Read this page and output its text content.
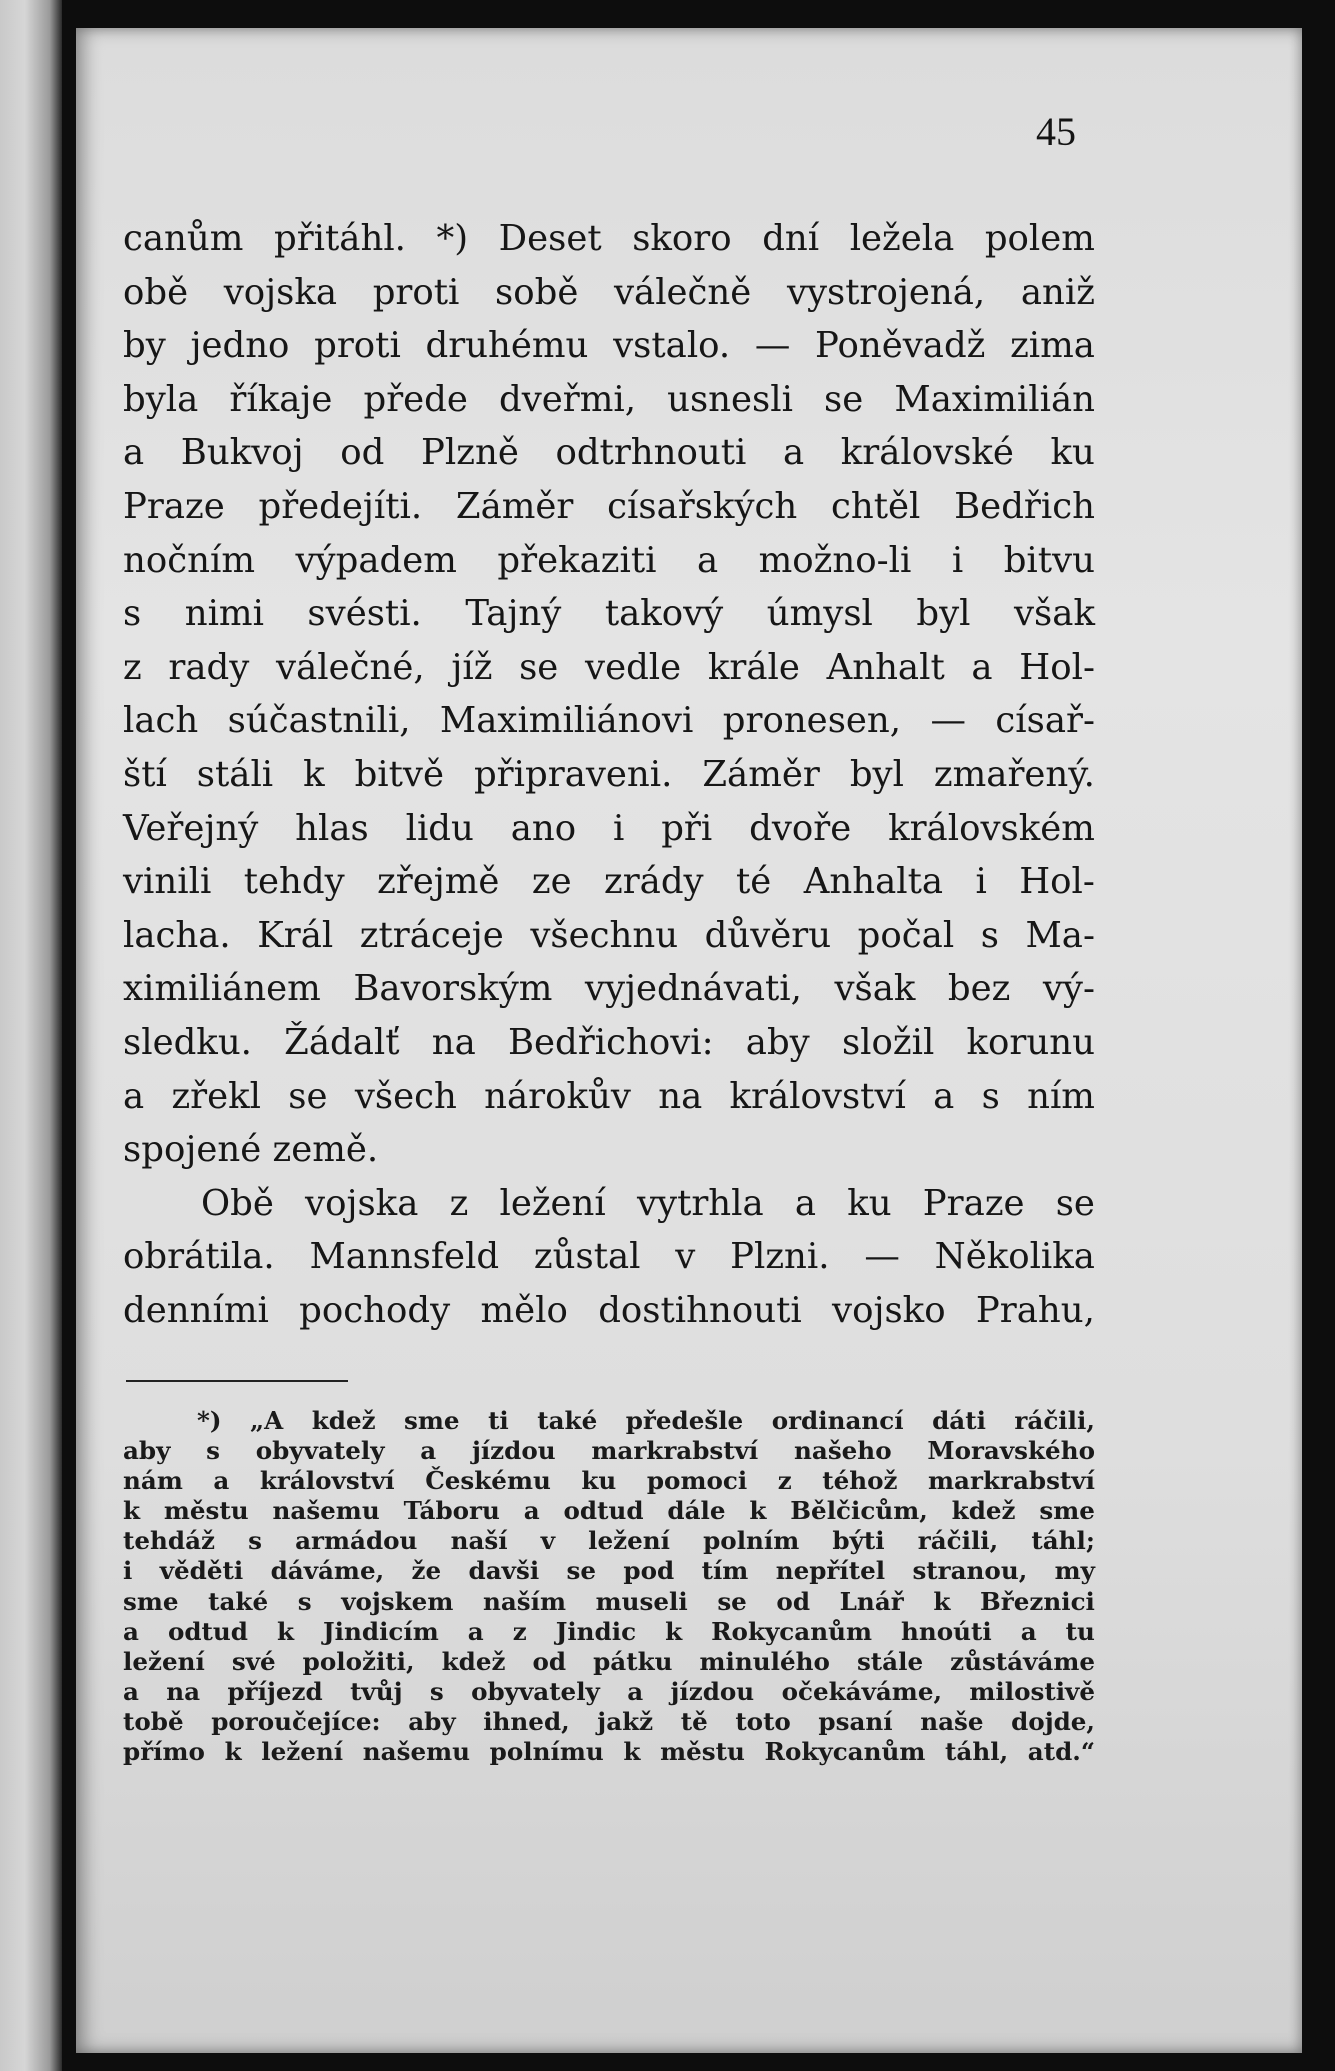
45
canům přitáhl. *) Deset skoro dní ležela polem
obě vojska proti sobě válečně vystrojená, aniž
by jedno proti druhému vstalo. — Poněvadž zima
byla říkaje přede dveřmi, usnesli se Maximilián
a Bukvoj od Plzně odtrhnouti a královské ku
Praze předejíti. Záměr císařských chtěl Bedřich
nočním výpadem překaziti a možno-li i bitvu
s nimi svésti. Tajný takový úmysl byl však
z rady válečné, jíž se vedle krále Anhalt a Hol-
lach súčastnili, Maximiliánovi pronesen, — císař-
ští stáli k bitvě připraveni. Záměr byl zmařený.
Veřejný hlas lidu ano i při dvoře královském
vinili tehdy zřejmě ze zrády té Anhalta i Hol-
lacha. Král ztráceje všechnu důvěru počal s Ma-
ximiliánem Bavorským vyjednávati, však bez vý-
sledku. Žádalť na Bedřichovi: aby složil korunu
a zřekl se všech nárokův na království a s ním
spojené
země.
Obě vojska z ležení vytrhla a ku Praze se
obrátila. Mannsfeld zůstal v Plzni. — Několika
denními pochody mělo dostihnouti vojsko Prahu,
*) „A kdež sme ti také předešle ordinancí dáti ráčili,
aby s obyvately a jízdou markrabství našeho Moravského
nám a království Českému ku pomoci z téhož markrabství
k městu našemu Táboru a odtud dále k Bělčicům, kdež sme
tehdáž s armádou naší v ležení polním býti ráčili, táhl;
i věděti dáváme, že davši se pod tím nepřítel stranou, my
sme také s vojskem naším museli se od Lnář k Březnici
a odtud k Jindicím a z Jindic k Rokycanům hnoúti a tu
ležení své položiti, kdež od pátku minulého stále zůstáváme
a na příjezd tvůj s obyvately a jízdou očekáváme, milostivě
tobě poroučejíce: aby ihned, jakž tě toto psaní naše dojde,
přímo k ležení našemu polnímu k městu Rokycanům táhl, atd.“
